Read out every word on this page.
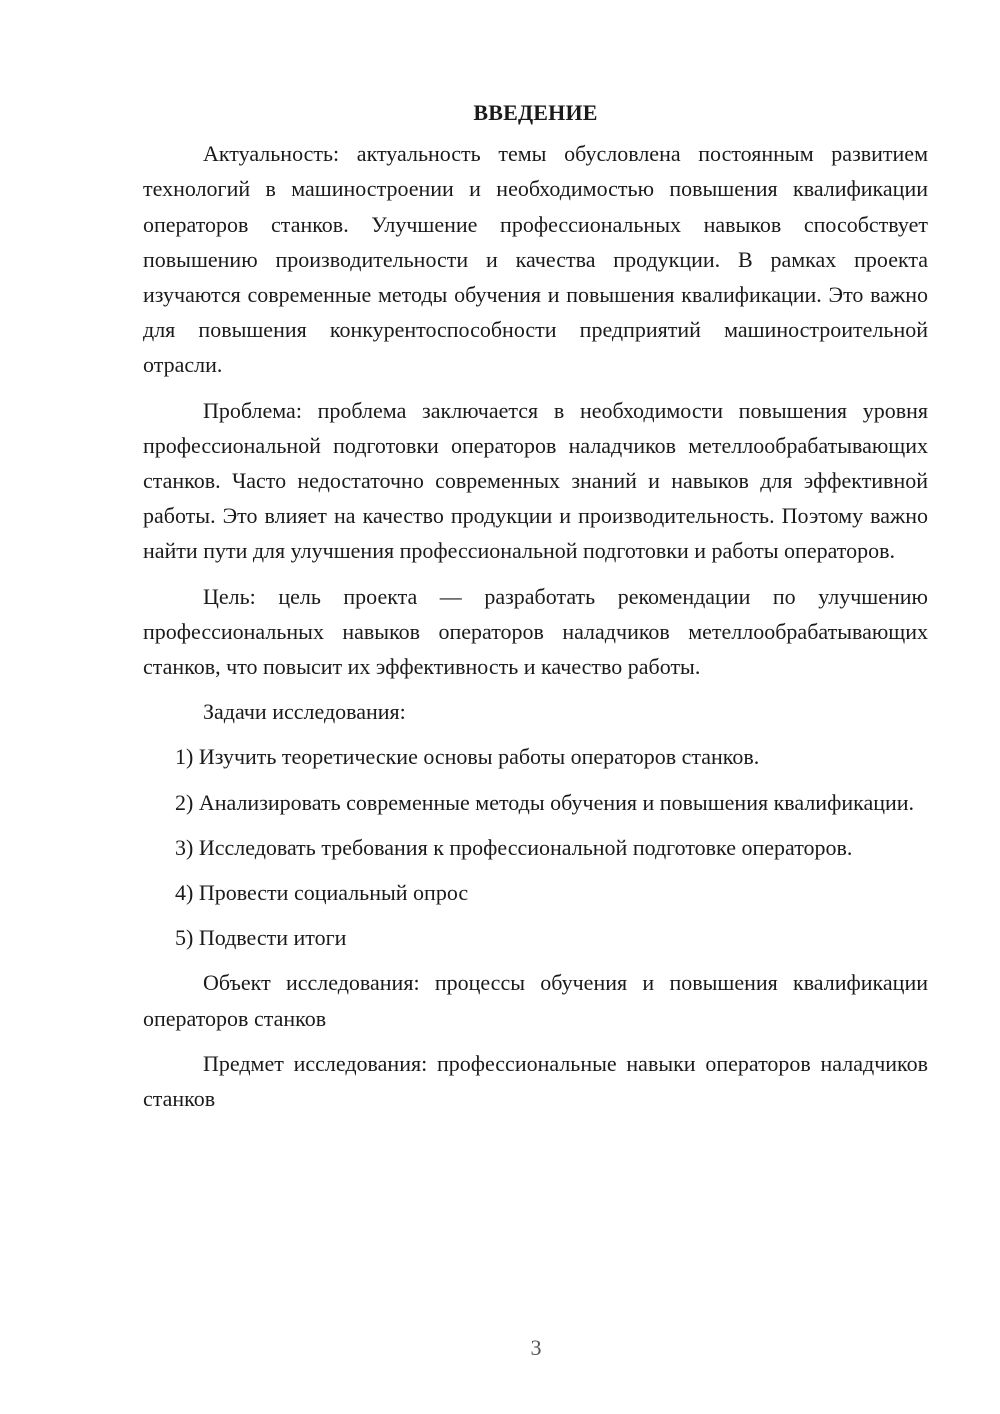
ВВЕДЕНИЕ

Актуальность: актуальность темы обусловлена постоянным развитием технологий в машиностроении и необходимостью повышения квалификации операторов станков. Улучшение профессиональных навыков способствует повышению производительности и качества продукции. В рамках проекта изучаются современные методы обучения и повышения квалификации. Это важно для повышения конкурентоспособности предприятий машиностроительной отрасли.

Проблема: проблема заключается в необходимости повышения уровня профессиональной подготовки операторов наладчиков метеллообрабатывающих станков. Часто недостаточно современных знаний и навыков для эффективной работы. Это влияет на качество продукции и производительность. Поэтому важно найти пути для улучшения профессиональной подготовки и работы операторов.

Цель: цель проекта — разработать рекомендации по улучшению профессиональных навыков операторов наладчиков метеллообрабатывающих станков, что повысит их эффективность и качество работы.

Задачи исследования:

1) Изучить теоретические основы работы операторов станков.

2) Анализировать современные методы обучения и повышения квалификации.

3) Исследовать требования к профессиональной подготовке операторов.

4) Провести социальный опрос

5) Подвести итоги

Объект исследования: процессы обучения и повышения квалификации операторов станков

Предмет исследования: профессиональные навыки операторов наладчиков станков

3
